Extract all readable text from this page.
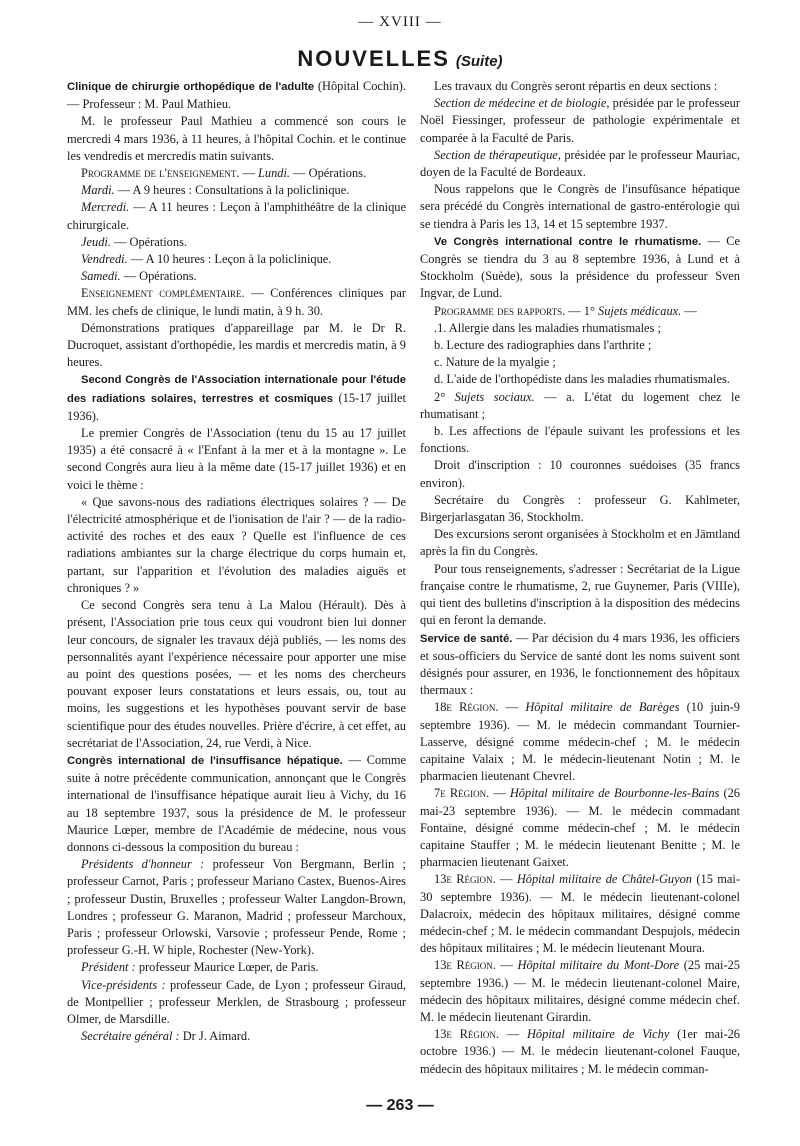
— XVIII —
NOUVELLES (Suite)

Clinique de chirurgie orthopédique de l'adulte (Hôpital Cochin). — Professeur : M. Paul Mathieu.

M. le professeur Paul Mathieu a commencé son cours le mercredi 4 mars 1936, à 11 heures, à l'hôpital Cochin. et le continue les vendredis et mercredis matin suivants.

Programme de l'enseignement. — Lundi. — Opérations.

Mardi. — A 9 heures : Consultations à la policlinique.

Mercredi. — A 11 heures : Leçon à l'amphithéâtre de la clinique chirurgicale.

Jeudi. — Opérations.

Vendredi. — A 10 heures : Leçon à la policlinique.

Samedi. — Opérations.

Enseignement complémentaire. — Conférences cliniques par MM. les chefs de clinique, le lundi matin, à 9 h. 30.

Démonstrations pratiques d'appareillage par M. le Dr R. Ducroquet, assistant d'orthopédie, les mardis et mercredis matin, à 9 heures.

Second Congrès de l'Association internationale pour l'étude des radiations solaires, terrestres et cosmiques (15-17 juillet 1936).

Le premier Congrès de l'Association (tenu du 15 au 17 juillet 1935) a été consacré à « l'Enfant à la mer et à la montagne ». Le second Congrès aura lieu à la même date (15-17 juillet 1936) et en voici le thème :

« Que savons-nous des radiations électriques solaires ? — De l'électricité atmosphérique et de l'ionisation de l'air ? — de la radio-activité des roches et des eaux ? Quelle est l'influence de ces radiations ambiantes sur la charge électrique du corps humain et, partant, sur l'apparition et l'évolution des maladies aiguës et chroniques ? »

Ce second Congrès sera tenu à La Malou (Hérault). Dès à présent, l'Association prie tous ceux qui voudront bien lui donner leur concours, de signaler les travaux déjà publiés, — les noms des personnalités ayant l'expérience nécessaire pour apporter une mise au point des questions posées, — et les noms des chercheurs pouvant exposer leurs constatations et leurs essais, ou, tout au moins, les suggestions et les hypothèses pouvant servir de base scientifique pour des études nouvelles. Prière d'écrire, à cet effet, au secrétariat de l'Association, 24, rue Verdi, à Nice.

Congrès international de l'insuffisance hépatique. — Comme suite à notre précédente communication, annonçant que le Congrès international de l'insuffisance hépatique aurait lieu à Vichy, du 16 au 18 septembre 1937, sous la présidence de M. le professeur Maurice Lœper, membre de l'Académie de médecine, nous vous donnons ci-dessous la composition du bureau :

Présidents d'honneur : professeur Von Bergmann, Berlin ; professeur Carnot, Paris ; professeur Mariano Castex, Buenos-Aires ; professeur Dustin, Bruxelles ; professeur Walter Langdon-Brown, Londres ; professeur G. Maranon, Madrid ; professeur Marchoux, Paris ; professeur Orlowski, Varsovie ; professeur Pende, Rome ; professeur G.-H. W hiple, Rochester (New-York).

Président : professeur Maurice Lœper, de Paris.

Vice-présidents : professeur Cade, de Lyon ; professeur Giraud, de Montpellier ; professeur Merklen, de Strasbourg ; professeur Olmer, de Marsdille.

Secrétaire général : Dr J. Aimard.

Les travaux du Congrès seront répartis en deux sections :

Section de médecine et de biologie, présidée par le professeur Noël Fiessinger, professeur de pathologie expérimentale et comparée à la Faculté de Paris.

Section de thérapeutique, présidée par le professeur Mauriac, doyen de la Faculté de Bordeaux.

Nous rappelons que le Congrès de l'insufûsance hépatique sera précédé du Congrès international de gastro-entérologie qui se tiendra à Paris les 13, 14 et 15 septembre 1937.

Ve Congrès international contre le rhumatisme. — Ce Congrès se tiendra du 3 au 8 septembre 1936, à Lund et à Stockholm (Suède), sous la présidence du professeur Sven Ingvar, de Lund.

Programme des rapports. — 1° Sujets médicaux. —

.1. Allergie dans les maladies rhumatismales ;

b. Lecture des radiographies dans l'arthrite ;

c. Nature de la myalgie ;

d. L'aide de l'orthopédiste dans les maladies rhumatismales.

2° Sujets sociaux. — a. L'état du logement chez le rhumatisant ;

b. Les affections de l'épaule suivant les professions et les fonctions.

Droit d'inscription : 10 couronnes suédoises (35 francs environ).

Secrétaire du Congrès : professeur G. Kahlmeter, Birgerjarlasgatan 36, Stockholm.

Des excursions seront organisées à Stockholm et en Jämtland après la fin du Congrès.

Pour tous renseignements, s'adresser : Secrétariat de la Ligue française contre le rhumatisme, 2, rue Guynemer, Paris (VIIIe), qui tient des bulletins d'inscription à la disposition des médecins qui en feront la demande.

Service de santé. — Par décision du 4 mars 1936, les officiers et sous-officiers du Service de santé dont les noms suivent sont désignés pour assurer, en 1936, le fonctionnement des hôpitaux thermaux :

18e Région. — Hôpital militaire de Barèges (10 juin-9 septembre 1936). — M. le médecin commandant Tournier-Lasserve, désigné comme médecin-chef ; M. le médecin capitaine Valaix ; M. le médecin-lieutenant Notin ; M. le pharmacien lieutenant Chevrel.

7e Région. — Hôpital militaire de Bourbonne-les-Bains (26 mai-23 septembre 1936). — M. le médecin commadant Fontaine, désigné comme médecin-chef ; M. le médecin capitaine Stauffer ; M. le médecin lieutenant Benitte ; M. le pharmacien lieutenant Gaixet.

13e Région. — Hôpital militaire de Châtel-Guyon (15 mai-30 septembre 1936). — M. le médecin lieutenant-colonel Dalacroix, médecin des hôpitaux militaires, désigné comme médecin-chef ; M. le médecin commandant Despujols, médecin des hôpitaux militaires ; M. le médecin lieutenant Moura.

13e Région. — Hôpital militaire du Mont-Dore (25 mai-25 septembre 1936.) — M. le médecin lieutenant-colonel Maire, médecin des hôpitaux militaires, désigné comme médecin chef. M. le médecin lieutenant Girardin.

13e Région. — Hôpital militaire de Vichy (1er mai-26 octobre 1936.) — M. le médecin lieutenant-colonel Fauque, médecin des hôpitaux militaires ; M. le médecin comman-

— 263 —
